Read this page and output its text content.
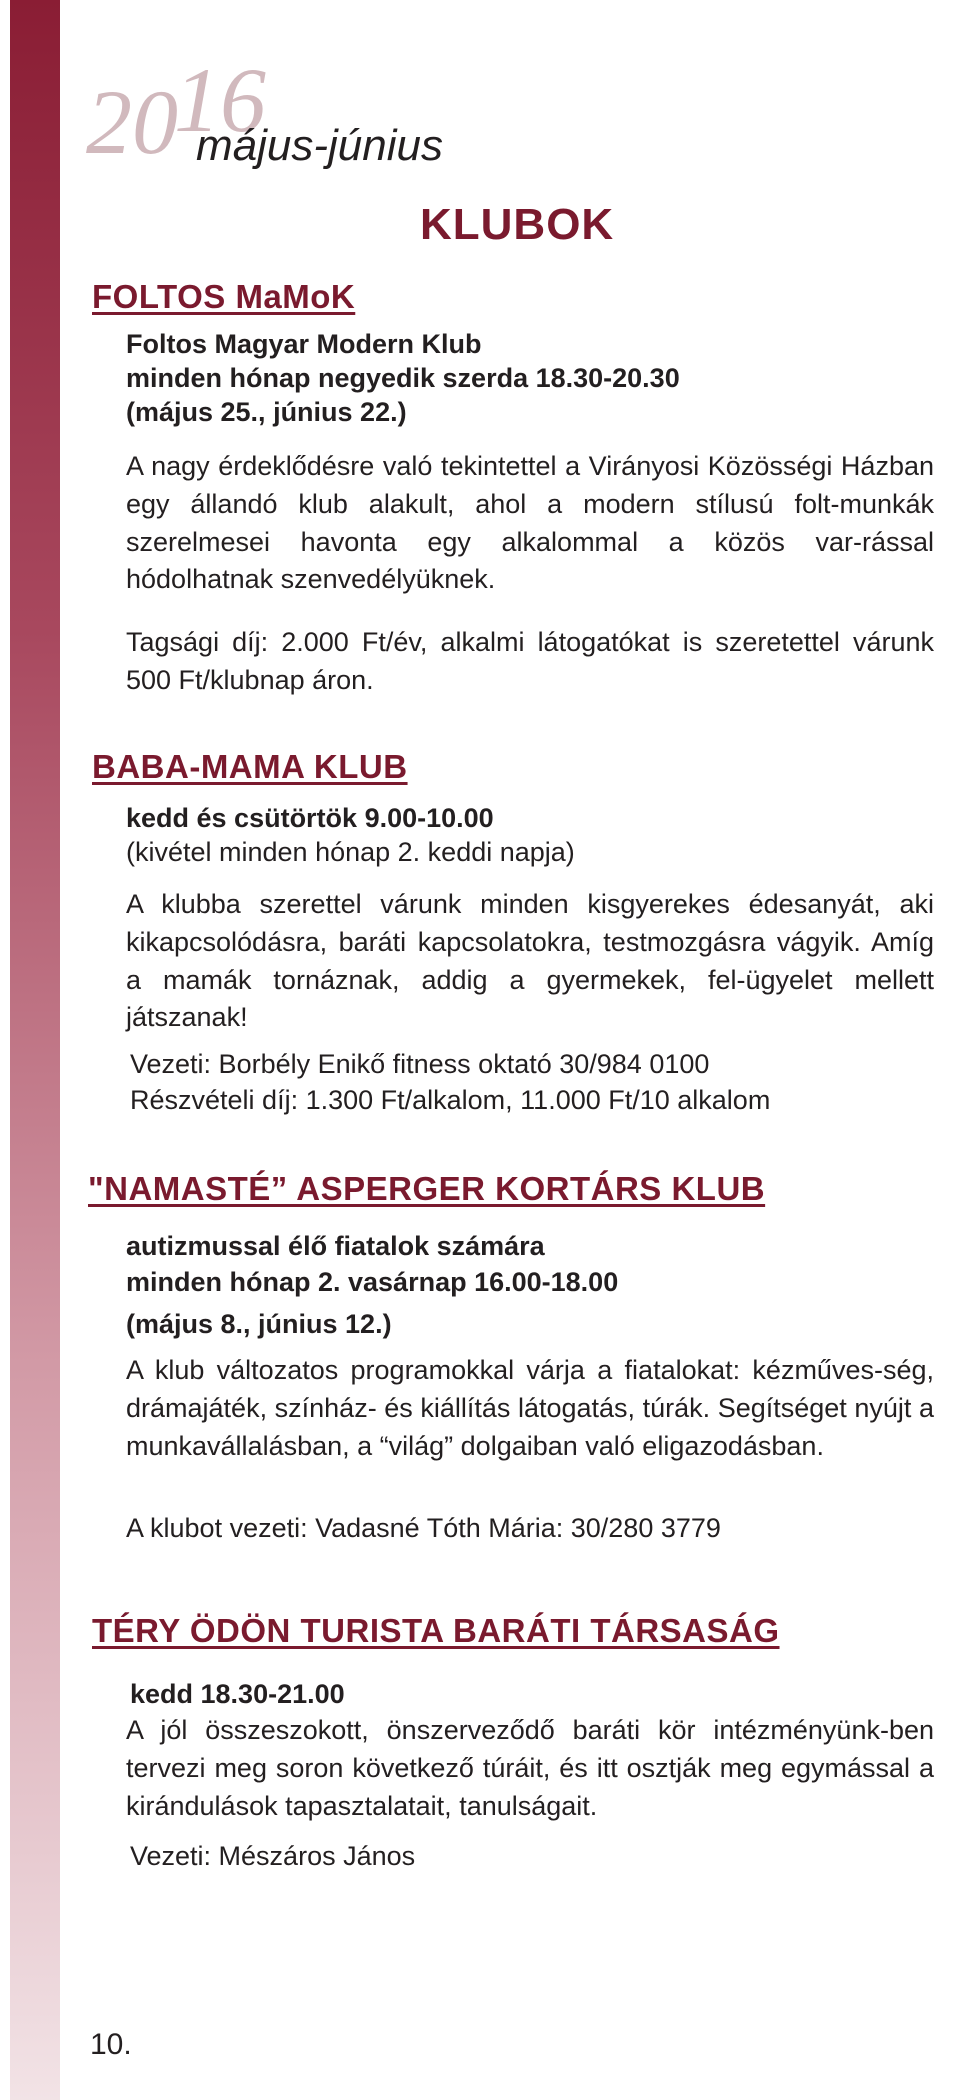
20
16
május-június
KLUBOK
FOLTOS MaMoK
Foltos Magyar Modern Klub
minden hónap negyedik szerda 18.30-20.30
(május 25., június 22.)
A nagy érdeklődésre való tekintettel a Virányosi Közösségi Házban egy állandó klub alakult, ahol a modern stílusú folt-munkák szerelmesei havonta egy alkalommal a közös var-rással hódolhatnak szenvedélyüknek.
Tagsági díj: 2.000 Ft/év, alkalmi látogatókat is szeretettel várunk 500 Ft/klubnap áron.
BABA-MAMA KLUB
kedd és csütörtök 9.00-10.00
(kivétel minden hónap 2. keddi napja)
A klubba szerettel várunk minden kisgyerekes édesanyát, aki kikapcsolódásra, baráti kapcsolatokra, testmozgásra vágyik. Amíg a mamák tornáznak, addig a gyermekek, fel-ügyelet mellett játszanak!
Vezeti: Borbély Enikő fitness oktató 30/984 0100
Részvételi díj: 1.300 Ft/alkalom, 11.000 Ft/10 alkalom
"NAMASTÉ” ASPERGER KORTÁRS KLUB
autizmussal élő fiatalok számára
minden hónap 2. vasárnap 16.00-18.00
(május 8., június 12.)
A klub változatos programokkal várja a fiatalokat: kézműves-ség, drámajáték, színház- és kiállítás látogatás, túrák. Segítséget nyújt a munkavállalásban, a “világ” dolgaiban való eligazodásban.
A klubot vezeti: Vadasné Tóth Mária: 30/280 3779
TÉRY ÖDÖN TURISTA BARÁTI TÁRSASÁG
kedd 18.30-21.00
A jól összeszokott, önszerveződő baráti kör intézményünk-ben tervezi meg soron következő túráit, és itt osztják meg egymással a kirándulások tapasztalatait, tanulságait.
Vezeti: Mészáros János
10.
